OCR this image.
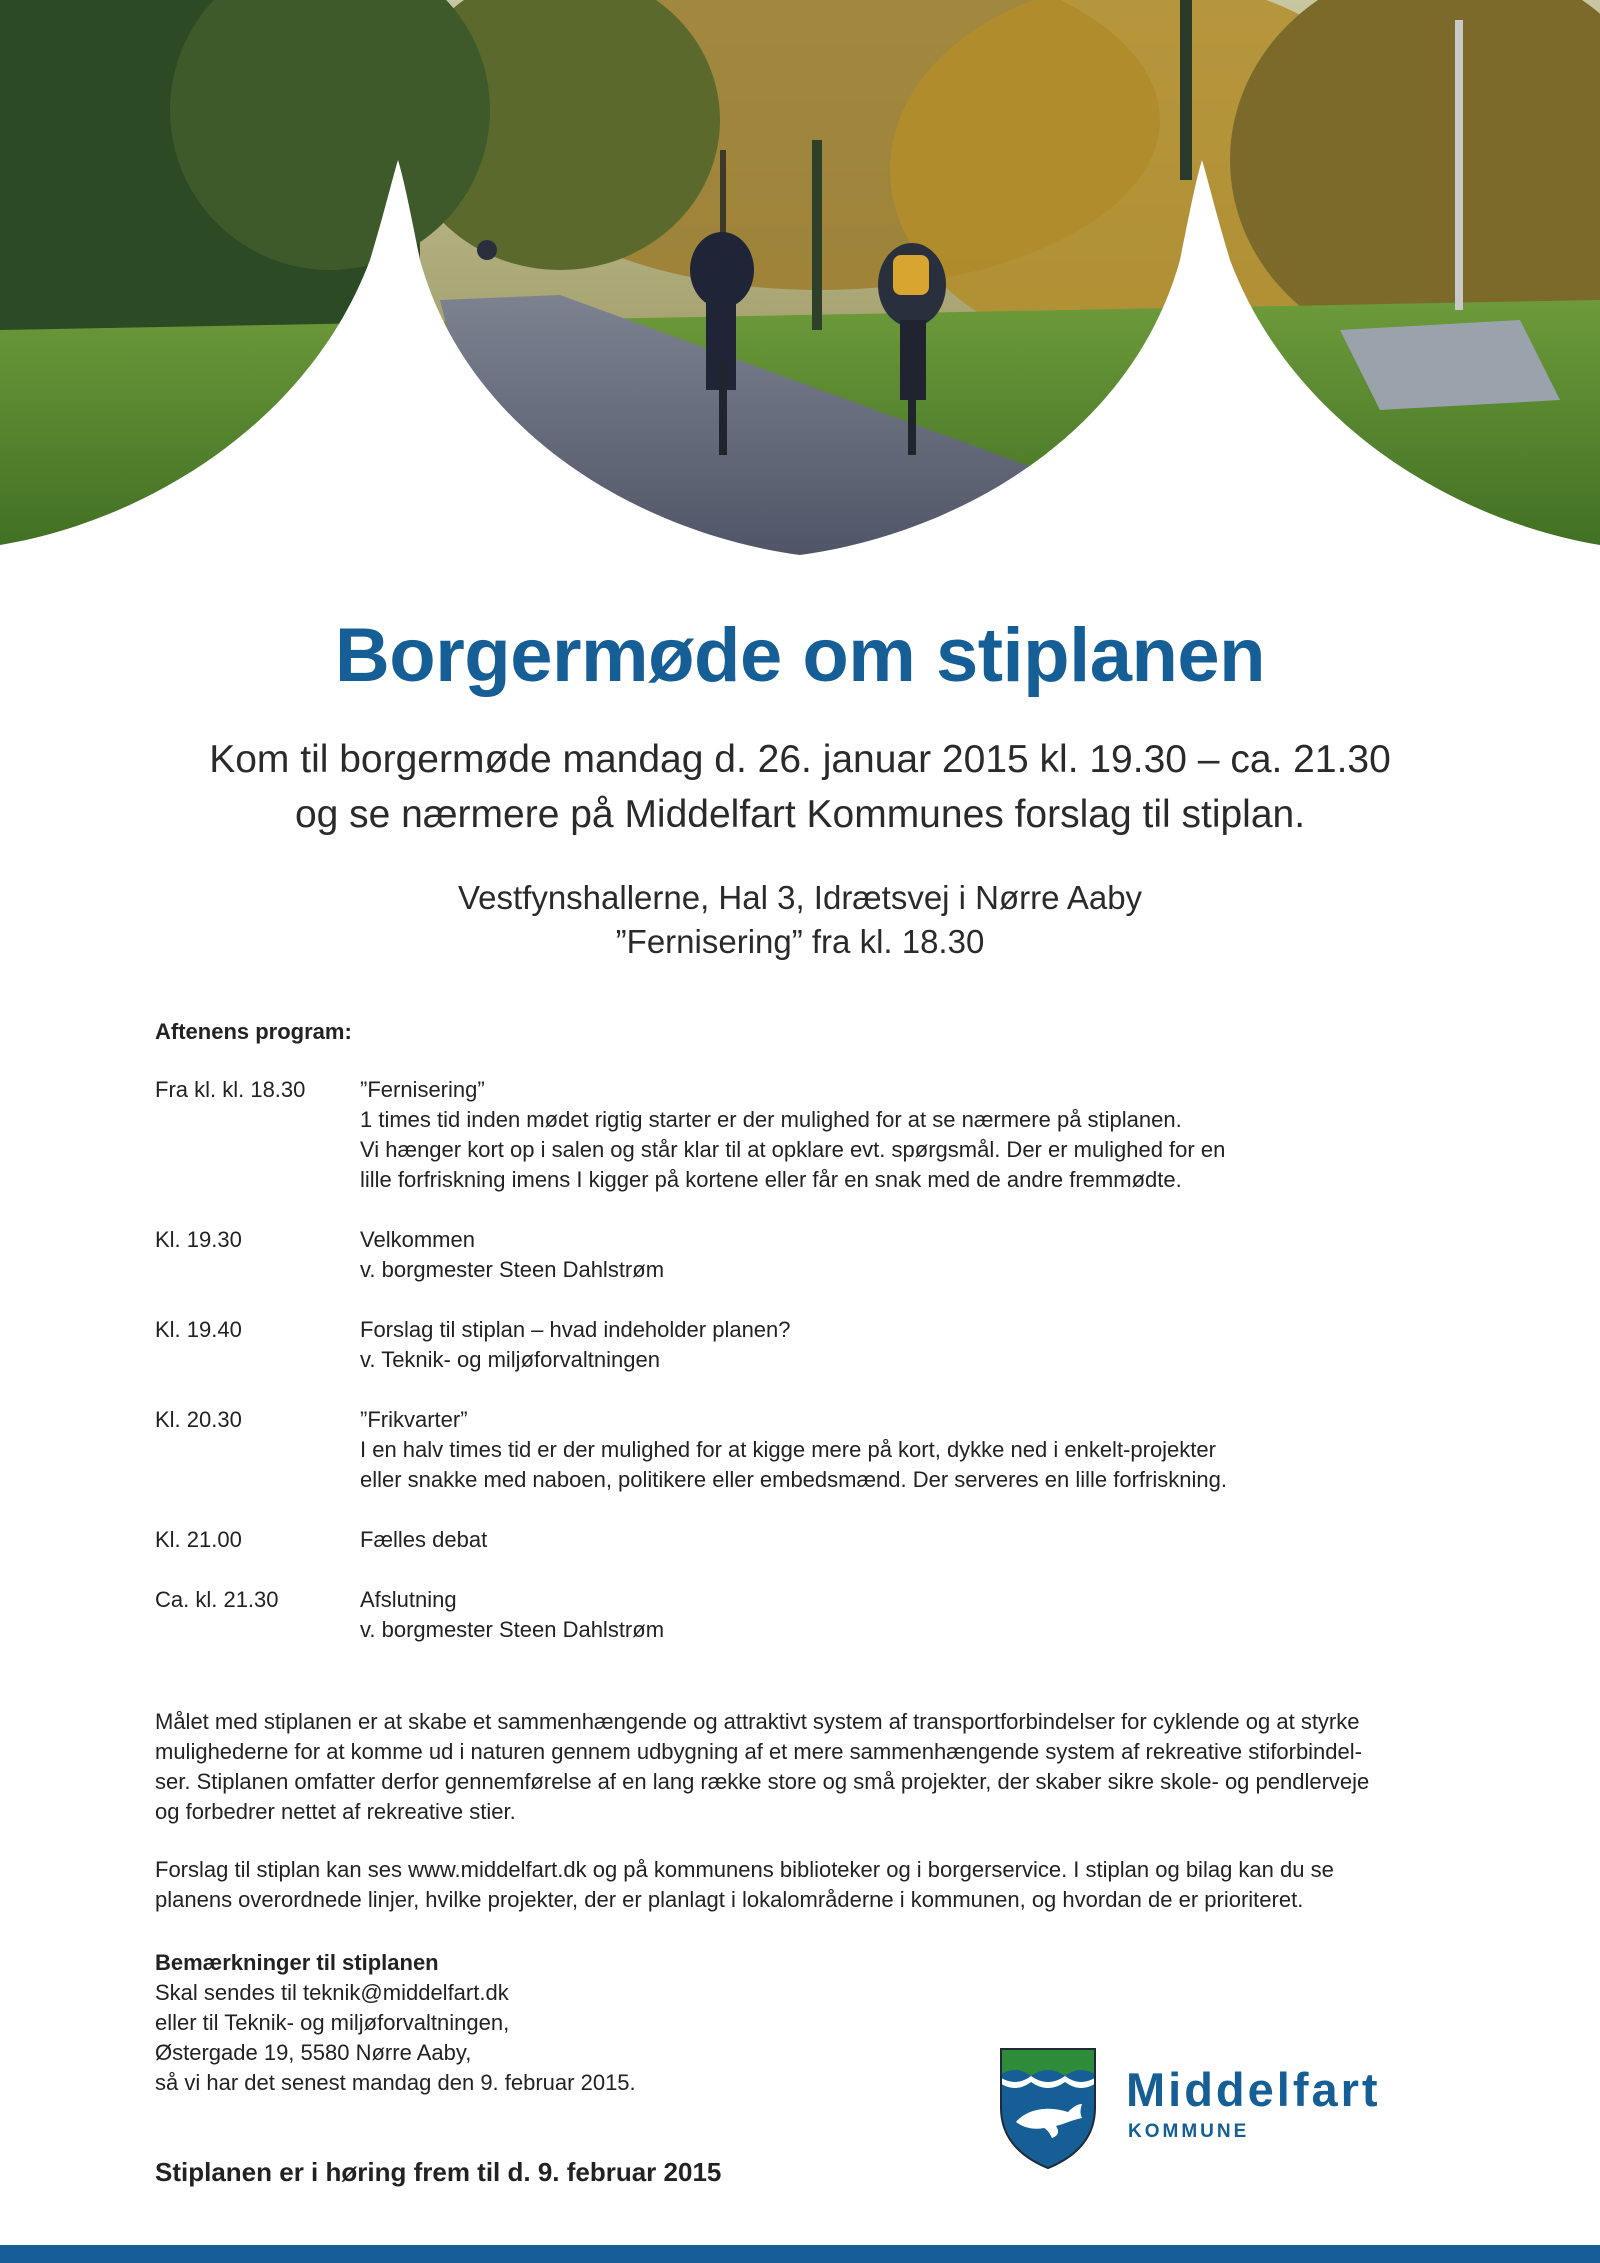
Borgermøde om stiplanen
Kom til borgermøde mandag d. 26. januar 2015 kl. 19.30 – ca. 21.30
og se nærmere på Middelfart Kommunes forslag til stiplan.
Vestfynshallerne, Hal 3, Idrætsvej i Nørre Aaby
”Fernisering” fra kl. 18.30
Aftenens program:
Fra kl. kl. 18.30	”Fernisering”
1 times tid inden mødet rigtig starter er der mulighed for at se nærmere på stiplanen.
Vi hænger kort op i salen og står klar til at opklare evt. spørgsmål. Der er mulighed for en
lille forfriskning imens I kigger på kortene eller får en snak med de andre fremmødte.
Kl. 19.30	Velkommen
v. borgmester Steen Dahlstrøm
Kl. 19.40	Forslag til stiplan – hvad indeholder planen?
v. Teknik- og miljøforvaltningen
Kl. 20.30	”Frikvarter”
I en halv times tid er der mulighed for at kigge mere på kort, dykke ned i enkelt-projekter
eller snakke med naboen, politikere eller embedsmænd. Der serveres en lille forfriskning.
Kl. 21.00	Fælles debat
Ca. kl. 21.30	Afslutning
v. borgmester Steen Dahlstrøm
Målet med stiplanen er at skabe et sammenhængende og attraktivt system af transportforbindelser for cyklende og at styrke
mulighederne for at komme ud i naturen gennem udbygning af et mere sammenhængende system af rekreative stiforbindel-
ser. Stiplanen omfatter derfor gennemførelse af en lang række store og små projekter, der skaber sikre skole- og pendlerveje
og forbedrer nettet af rekreative stier.
Forslag til stiplan kan ses www.middelfart.dk og på kommunens biblioteker og i borgerservice. I stiplan og bilag kan du se
planens overordnede linjer, hvilke projekter, der er planlagt i lokalområderne i kommunen, og hvordan de er prioriteret.
Bemærkninger til stiplanen
Skal sendes til teknik@middelfart.dk
eller til Teknik- og miljøforvaltningen,
Østergade 19, 5580 Nørre Aaby,
så vi har det senest mandag den 9. februar 2015.	Middelfart
KOMMUNE
Stiplanen er i høring frem til d. 9. februar 2015
